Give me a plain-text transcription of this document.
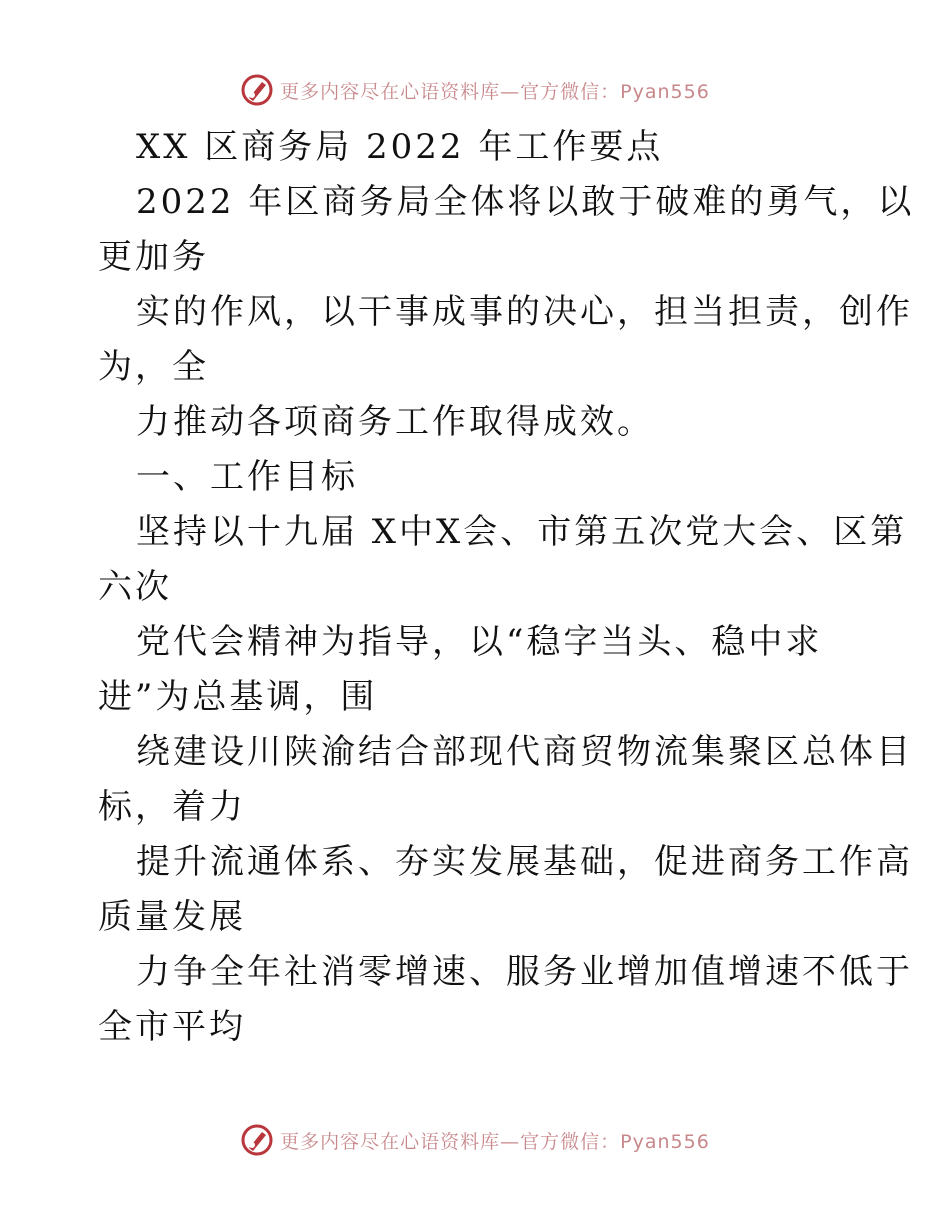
更多内容尽在心语资料库—官方微信：Pyan556
XX 区商务局 2022 年工作要点
2022 年区商务局全体将以敢于破难的勇气，以
更加务
实的作风，以干事成事的决心，担当担责，创作
为，全
力推动各项商务工作取得成效。
一、工作目标
坚持以十九届 X中X会、市第五次党大会、区第
六次
党代会精神为指导，以“稳字当头、稳中求
进”为总基调，围
绕建设川陕渝结合部现代商贸物流集聚区总体目
标，着力
提升流通体系、夯实发展基础，促进商务工作高
质量发展
力争全年社消零增速、服务业增加值增速不低于
全市平均
更多内容尽在心语资料库—官方微信：Pyan556
